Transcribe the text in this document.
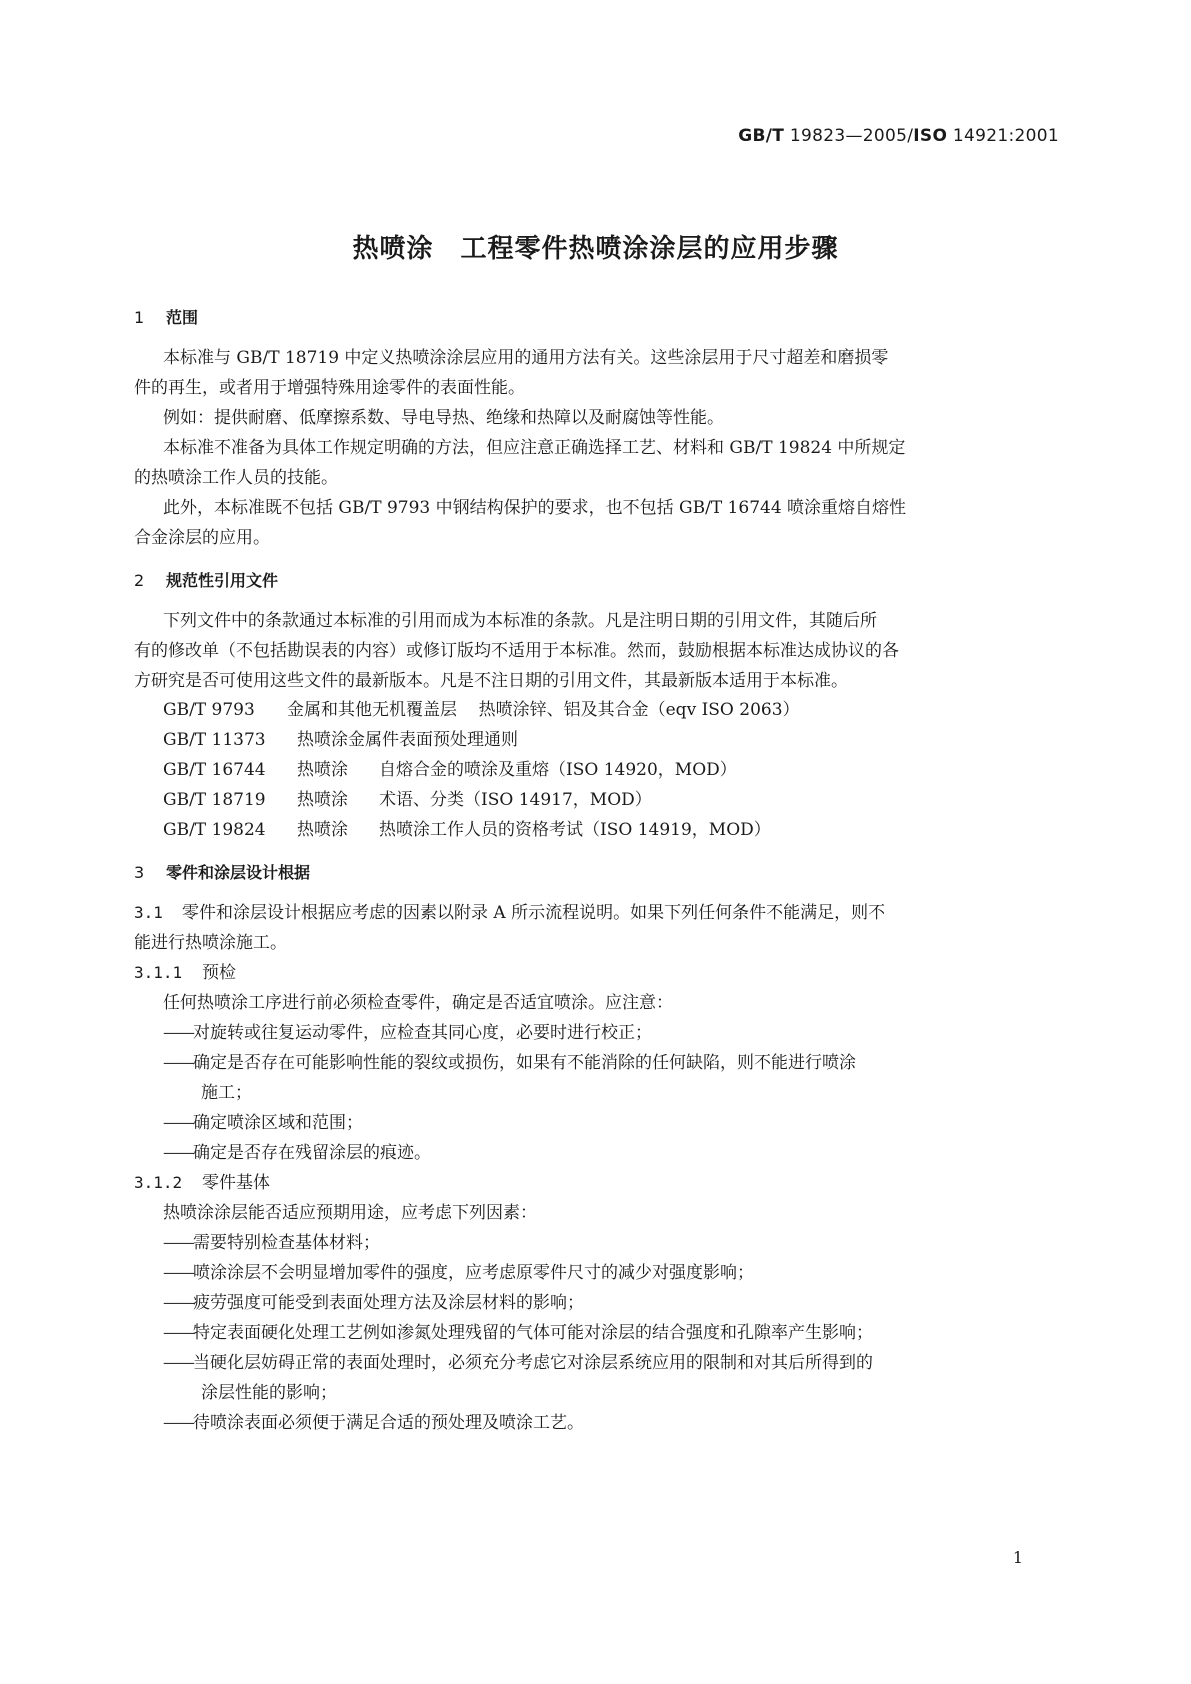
GB/T 19823—2005/ISO 14921:2001
热喷涂　工程零件热喷涂涂层的应用步骤
1 范围

本标准与 GB/T 18719 中定义热喷涂涂层应用的通用方法有关。这些涂层用于尺寸超差和磨损零

件的再生，或者用于增强特殊用途零件的表面性能。

例如：提供耐磨、低摩擦系数、导电导热、绝缘和热障以及耐腐蚀等性能。

本标准不准备为具体工作规定明确的方法，但应注意正确选择工艺、材料和 GB/T 19824 中所规定

的热喷涂工作人员的技能。

此外，本标准既不包括 GB/T 9793 中钢结构保护的要求，也不包括 GB/T 16744 喷涂重熔自熔性

合金涂层的应用。

2 规范性引用文件

下列文件中的条款通过本标准的引用而成为本标准的条款。凡是注明日期的引用文件，其随后所

有的修改单（不包括勘误表的内容）或修订版均不适用于本标准。然而，鼓励根据本标准达成协议的各

方研究是否可使用这些文件的最新版本。凡是不注日期的引用文件，其最新版本适用于本标准。

GB/T 9793 金属和其他无机覆盖层 热喷涂锌、铝及其合金（eqv ISO 2063）
GB/T 11373 热喷涂金属件表面预处理通则
GB/T 16744 热喷涂 自熔合金的喷涂及重熔（ISO 14920，MOD）
GB/T 18719 热喷涂 术语、分类（ISO 14917，MOD）
GB/T 19824 热喷涂 热喷涂工作人员的资格考试（ISO 14919，MOD）
3 零件和涂层设计根据
3.1 零件和涂层设计根据应考虑的因素以附录 A 所示流程说明。如果下列任何条件不能满足，则不

能进行热喷涂施工。

3.1.1 预检

任何热喷涂工序进行前必须检查零件，确定是否适宜喷涂。应注意：

——对旋转或往复运动零件，应检查其同心度，必要时进行校正；
——确定是否存在可能影响性能的裂纹或损伤，如果有不能消除的任何缺陷，则不能进行喷涂

施工；

——确定喷涂区域和范围；
——确定是否存在残留涂层的痕迹。
3.1.2 零件基体

热喷涂涂层能否适应预期用途，应考虑下列因素：

——需要特别检查基体材料；
——喷涂涂层不会明显增加零件的强度，应考虑原零件尺寸的减少对强度影响；
——疲劳强度可能受到表面处理方法及涂层材料的影响；
——特定表面硬化处理工艺例如渗氮处理残留的气体可能对涂层的结合强度和孔隙率产生影响；
——当硬化层妨碍正常的表面处理时，必须充分考虑它对涂层系统应用的限制和对其后所得到的

涂层性能的影响；

——待喷涂表面必须便于满足合适的预处理及喷涂工艺。
1
